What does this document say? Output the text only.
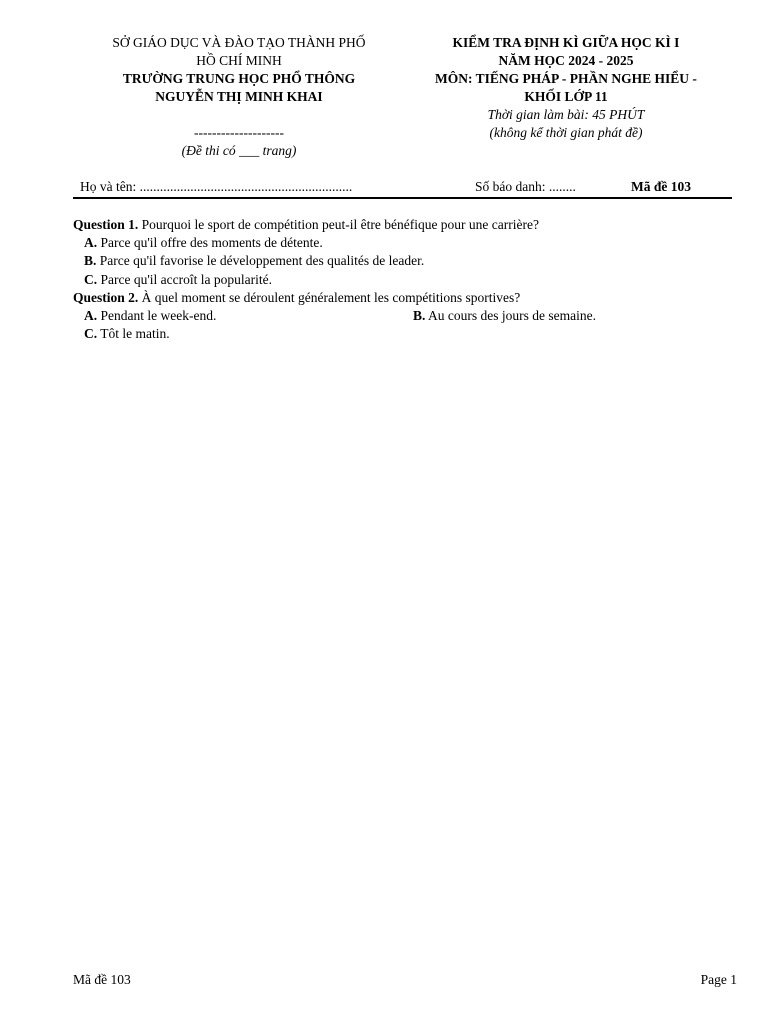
SỞ GIÁO DỤC VÀ ĐÀO TẠO THÀNH PHỐ
HỒ CHÍ MINH
TRƯỜNG TRUNG HỌC PHỔ THÔNG
NGUYỄN THỊ MINH KHAI
--------------------
(Đề thi có ___ trang)
KIỂM TRA ĐỊNH KÌ GIỮA HỌC KÌ I
NĂM HỌC 2024 - 2025
MÔN: TIẾNG PHÁP - PHẦN NGHE HIỂU -
KHỐI LỚP 11
Thời gian làm bài: 45 PHÚT
(không kể thời gian phát đề)
Họ và tên: ...............................................................	Số báo danh: ........	Mã đề 103
Question 1. Pourquoi le sport de compétition peut-il être bénéfique pour une carrière?
A. Parce qu'il offre des moments de détente.
B. Parce qu'il favorise le développement des qualités de leader.
C. Parce qu'il accroît la popularité.
Question 2. À quel moment se déroulent généralement les compétitions sportives?
A. Pendant le week-end.	B. Au cours des jours de semaine.
C. Tôt le matin.
Mã đề 103	Page 1
